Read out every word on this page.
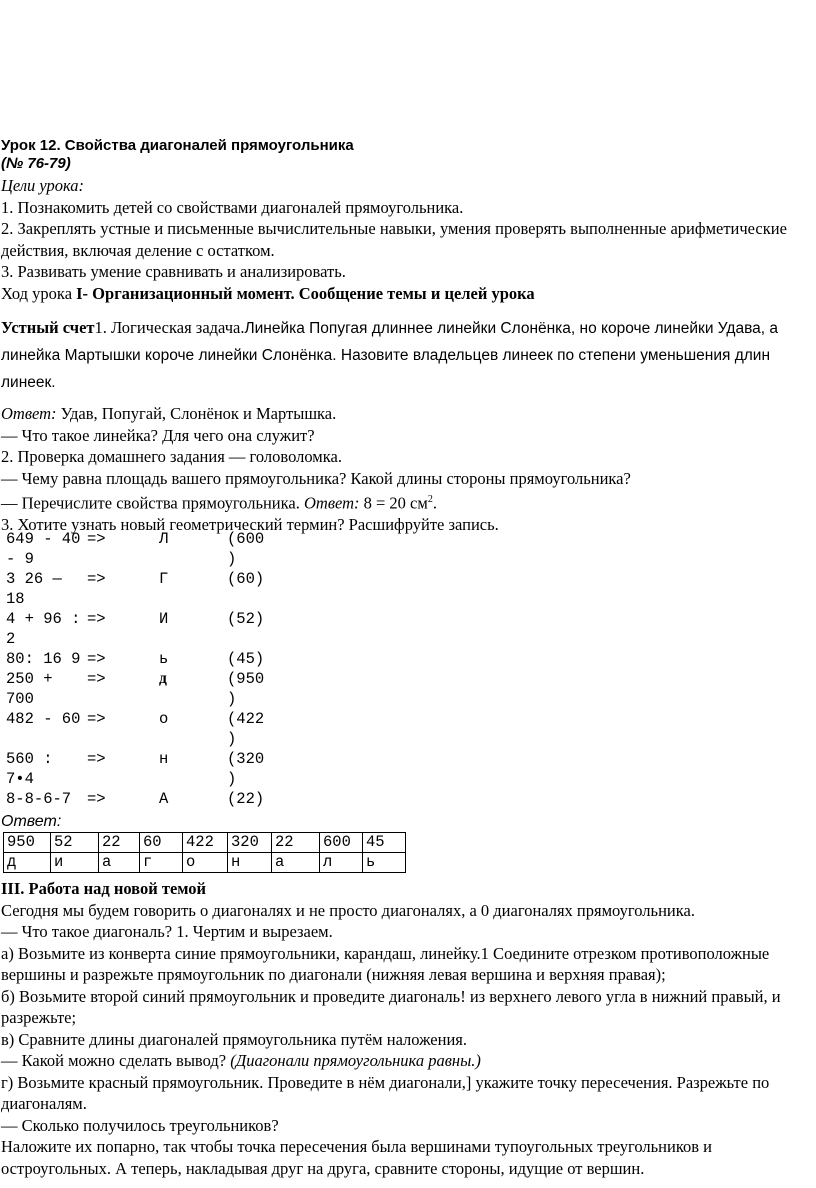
Урок 12. Свойства диагоналей прямоугольника
(№ 76-79)

Цели урока:

1. Познакомить детей со свойствами диагоналей прямоугольника.

2. Закреплять устные и письменные вычислительные навыки, умения проверять выполненные арифметические действия, включая деление с остатком.

3. Развивать умение сравнивать и анализировать.

Ход урока I- Организационный момент. Сообщение темы и целей урока

Устный счет1. Логическая задача.Линейка Попугая длиннее линейки Слонёнка, но короче линейки Удава, а линейка Мартышки короче линейки Слонёнка. Назовите владельцев линеек по степени уменьшения длин линеек.

Ответ: Удав, Попугай, Слонёнок и Мартышка.

— Что такое линейка? Для чего она служит?

2. Проверка домашнего задания — головоломка.

— Чему равна площадь вашего прямоугольника? Какой длины стороны прямоугольника?

— Перечислите свойства прямоугольника. Ответ: 8 = 20 $см^2$.

3. Хотите узнать новый геометрический термин? Расшифруйте запись.

649 - 40
- 9
=>	Л	(600
)
3 26 —
18
=>	Г	(60)
4 + 96 :
2
=>	И	(52)
80: 16 9 =>	ь	(45)
250 +
700
=>	д	(950
)
482 - 60 =>	о	(422
)
560 :
7•4
=>	н	(320
)
8-8-6-7	=>	А	(22)
Ответ:
950	52	22	60	422	320	22	600	45
д	и	а	г	о	н	а	л	ь

III. Работа над новой темой

Сегодня мы будем говорить о диагоналях и не просто диагоналях, а 0 диагоналях прямоугольника.

— Что такое диагональ? 1. Чертим и вырезаем.

а) Возьмите из конверта синие прямоугольники, карандаш, линейку.1 Соедините отрезком противоположные вершины и разрежьте прямоугольник по диагонали (нижняя левая вершина и верхняя правая);

б) Возьмите второй синий прямоугольник и проведите диагональ! из верхнего левого угла в нижний правый, и разрежьте;

в) Сравните длины диагоналей прямоугольника путём наложения.

— Какой можно сделать вывод? (Диагонали прямоугольника равны.)

г) Возьмите красный прямоугольник. Проведите в нём диагонали,] укажите точку пересечения. Разрежьте по диагоналям.

— Сколько получилось треугольников?

Наложите их попарно, так чтобы точка пересечения была вершинами тупоугольных треугольников и остроугольных. А теперь, накладывая друг на друга, сравните стороны, идущие от вершин.
